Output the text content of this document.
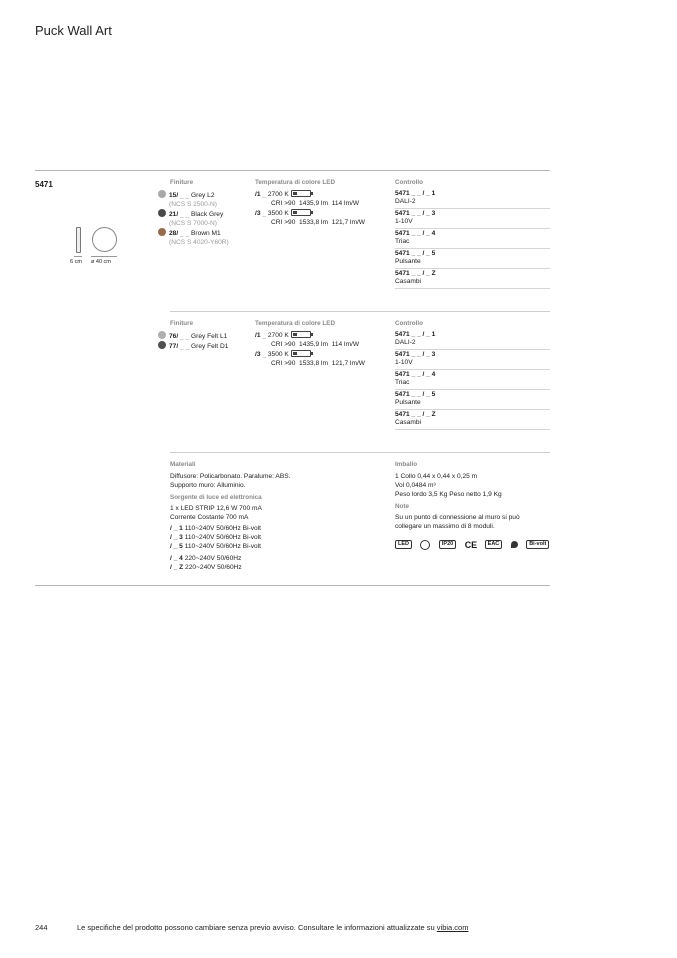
Puck Wall Art
5471
6 cm ø 40 cm
Finiture
15/ _ _ Grey L2
(NCS S 2500-N)
21/ _ _ Black Grey
(NCS S 7000-N)
28/ _ _ Brown M1
(NCS S 4020-Y60R)
Temperatura di colore LED
/1 _ 2700 K
CRI >90 1435,9 lm 114 lm/W
/3 _ 3500 K
CRI >90 1533,8 lm 121,7 lm/W
Controllo
5471 _ _ / _ 1
DALI-2
5471 _ _ / _ 3
1-10V
5471 _ _ / _ 4
Triac
5471 _ _ / _ 5
Pulsante
5471 _ _ / _ Z
Casambi
Finiture
76/ _ _ Grey Felt L1
77/ _ _ Grey Felt D1
Temperatura di colore LED
/1 _ 2700 K
CRI >90 1435,9 lm 114 lm/W
/3 _ 3500 K
CRI >90 1533,8 lm 121,7 lm/W
Controllo
5471 _ _ / _ 1
DALI-2
5471 _ _ / _ 3
1-10V
5471 _ _ / _ 4
Triac
5471 _ _ / _ 5
Pulsante
5471 _ _ / _ Z
Casambi
Materiali
Diffusore: Policarbonato. Paralume: ABS.
Supporto muro: Alluminio.
Sorgente di luce ed elettronica
1 x LED STRIP 12,6 W 700 mA
Corrente Costante 700 mA
/ _ 1 110~240V 50/60Hz Bi-volt
/ _ 3 110~240V 50/60Hz Bi-volt
/ _ 5 110~240V 50/60Hz Bi-volt
/ _ 4 220~240V 50/60Hz
/ _ Z 220~240V 50/60Hz
Imballo
1 Collo 0,44 x 0,44 x 0,25 m
Vol 0,0484 m³
Peso lordo 3,5 Kg Peso netto 1,9 Kg
Note
Su un punto di connessione al muro si può
collegare un massimo di 8 moduli.
LED	IP20 CE EAC	Bi-volt
244	Le specifiche del prodotto possono cambiare senza previo avviso. Consultare le informazioni attualizzate su vibia.com
